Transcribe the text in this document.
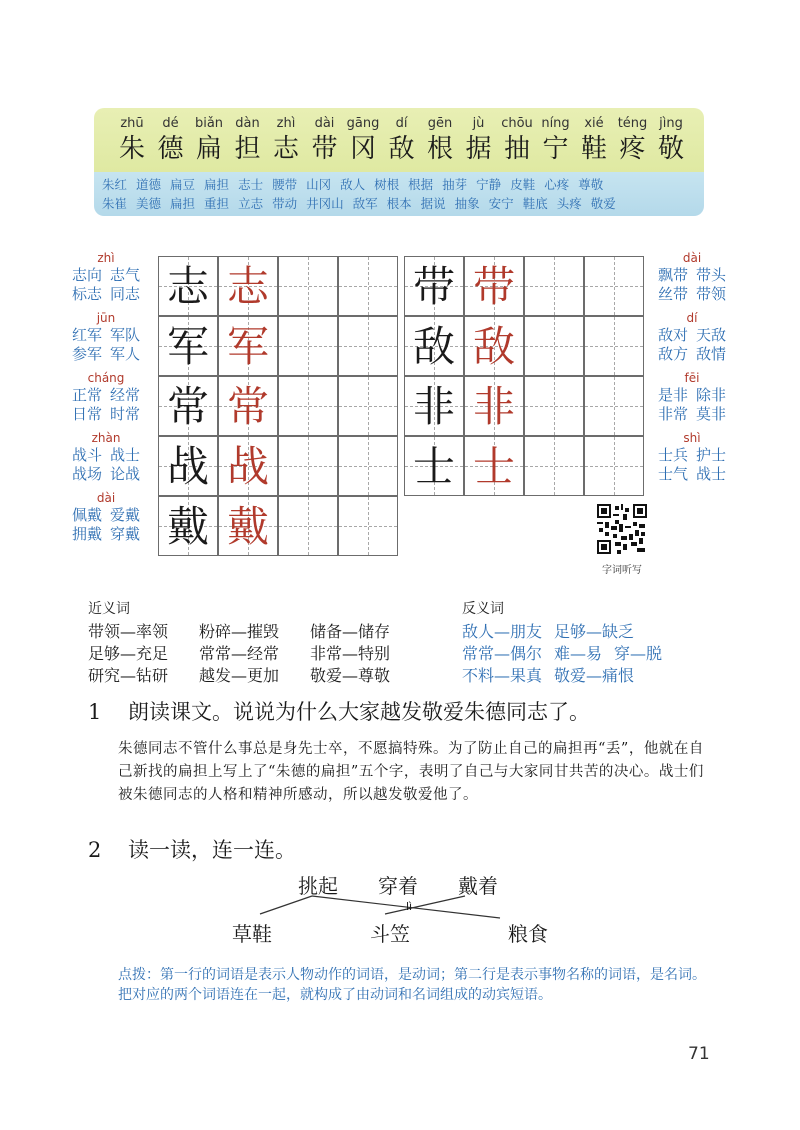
zhū
朱
dé
德
biǎn
扁
dàn
担
zhì
志
dài
带
gāng
冈
dí
敌
gēn
根
jù
据
chōu
抽
níng
宁
xié
鞋
téng
疼
jìng
敬
朱红 道德 扁豆 扁担 志士 腰带 山冈 敌人 树根 根据 抽芽 宁静 皮鞋 心疼 尊敬
朱崔 美德 扁担 重担 立志 带动 井冈山 敌军 根本 据说 抽象 安宁 鞋底 头疼 敬爱
志 志
zhì
志向 志气
标志 同志
军 军
jūn
红军 军队
参军 军人
常 常
cháng
正常 经常
日常 时常
战 战
zhàn
战斗 战士
战场 论战
戴 戴
dài
佩戴 爱戴
拥戴 穿戴
带 带
dài
飘带 带头
丝带 带领
敌 敌
dí
敌对 天敌
敌方 敌情
非 非
fēi
是非 除非
非常 莫非
士 士
shì
士兵 护士
士气 战士
字词听写
近义词
带领—率领 粉碎—摧毁 储备—储存
足够—充足 常常—经常 非常—特别
研究—钻研 越发—更加 敬爱—尊敬
反义词
敌人—朋友 足够—缺乏
常常—偶尔 难—易 穿—脱
不料—果真 敬爱—痛恨
1 朗读课文。说说为什么大家越发敬爱朱德同志了。
朱德同志不管什么事总是身先士卒，不愿搞特殊。为了防止自己的扁担再“丢”，他就在自己新找的扁担上写上了“朱德的扁担”五个字，表明了自己与大家同甘共苦的决心。战士们被朱德同志的人格和精神所感动，所以越发敬爱他了。
2 读一读，连一连。
挑起 穿着 戴着
lì
草鞋	斗笠	粮食
点拨：第一行的词语是表示人物动作的词语，是动词；第二行是表示事物名称的词语，是名词。把对应的两个词语连在一起，就构成了由动词和名词组成的动宾短语。
71
